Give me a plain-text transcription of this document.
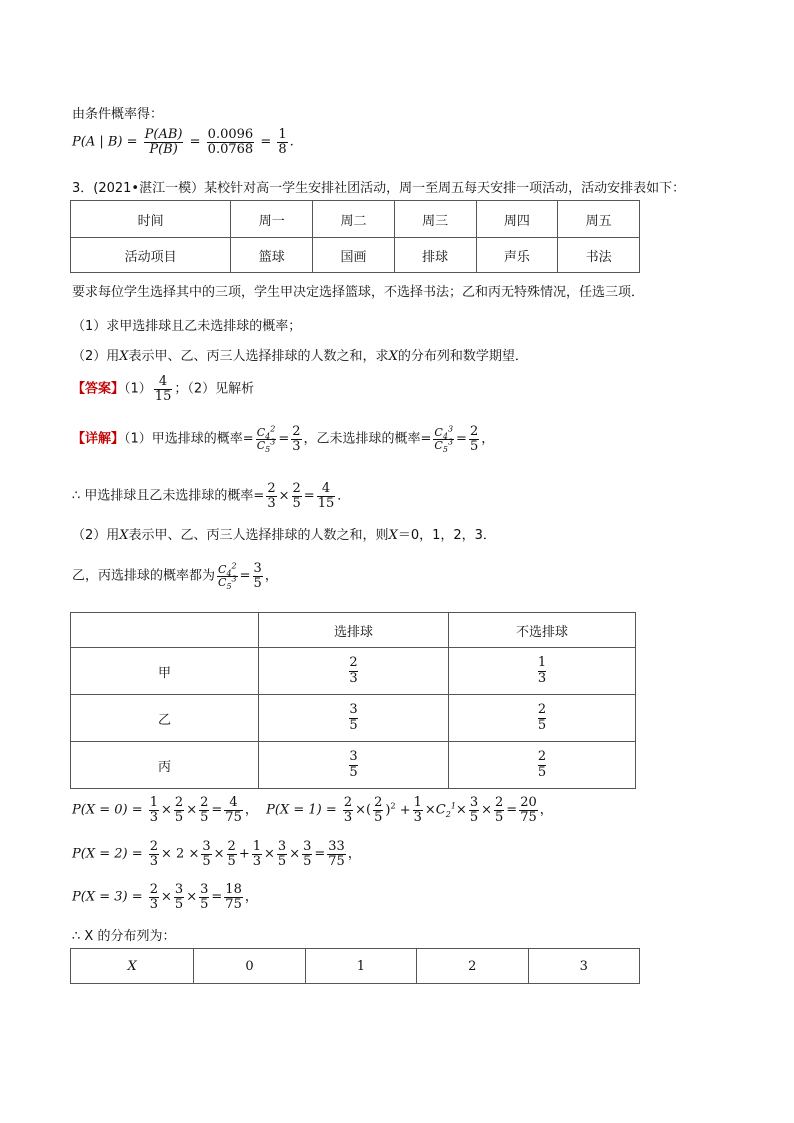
由条件概率得：
P(A | $B) = \frac{P(AB)}{P(B)} = \frac{0.0096}{0.0768} = \frac{1}{8}$ .
3．(2021•湛江一模）某校针对高一学生安排社团活动，周一至周五每天安排一项活动，活动安排表如下：
时间	周一	周二	周三	周四	周五
活动项目	篮球	国画	排球	声乐	书法
要求每位学生选择其中的三项，学生甲决定选择篮球，不选择书法；乙和丙无特殊情况，任选三项．
（1）求甲选排球且乙未选排球的概率；
（2）用X表示甲、乙、丙三人选择排球的人数之和，求X的分布列和数学期望．
【答案】$(1) \frac{4}{15}$ ；（2）见解析
【详解】（1）甲选排球的概率= $\frac{C_4^2}{C_5^3} = \frac{2}{3}$ ，乙未选排球的概率= $\frac{C_4^3}{C_5^3} = \frac{2}{5}$ ，
∴ 甲选排球且乙未选排球的概率= $\frac{2}{3} \times \frac{2}{5} = \frac{4}{15}$ ．
（2）用X表示甲、乙、丙三人选择排球的人数之和，则X＝0，1，2，3．
乙，丙选排球的概率都为 $\frac{C_4^2}{C_5^3} = \frac{3}{5}$ ，
	选排球	不选排球
甲	$\frac{2}{3}$	$\frac{1}{3}$

乙	$\frac{3}{5}$	$\frac{2}{5}$

丙	$\frac{3}{5}$	$\frac{2}{5}$
$P(X = 0) = \frac{1}{3} \times \frac{2}{5} \times \frac{2}{5} = \frac{4}{75}$ ，  $P(X = 1) = \frac{2}{3}$ ×( $\frac{2}{5} )^2 + \frac{1}{3} \times C_2^1\times \frac{3}{5} \times \frac{2}{5} = \frac{20}{75}$ ，
$P(X = 2) = \frac{2}{3} \times 2 \times \frac{3}{5} \times \frac{2}{5} + \frac{1}{3} \times \frac{3}{5} \times \frac{3}{5} = \frac{33}{75}$ ，
$P(X = 3) = \frac{2}{3} \times \frac{3}{5} \times \frac{3}{5} = \frac{18}{75}$ ，
∴ X 的分布列为：
X	0	1	2	3
